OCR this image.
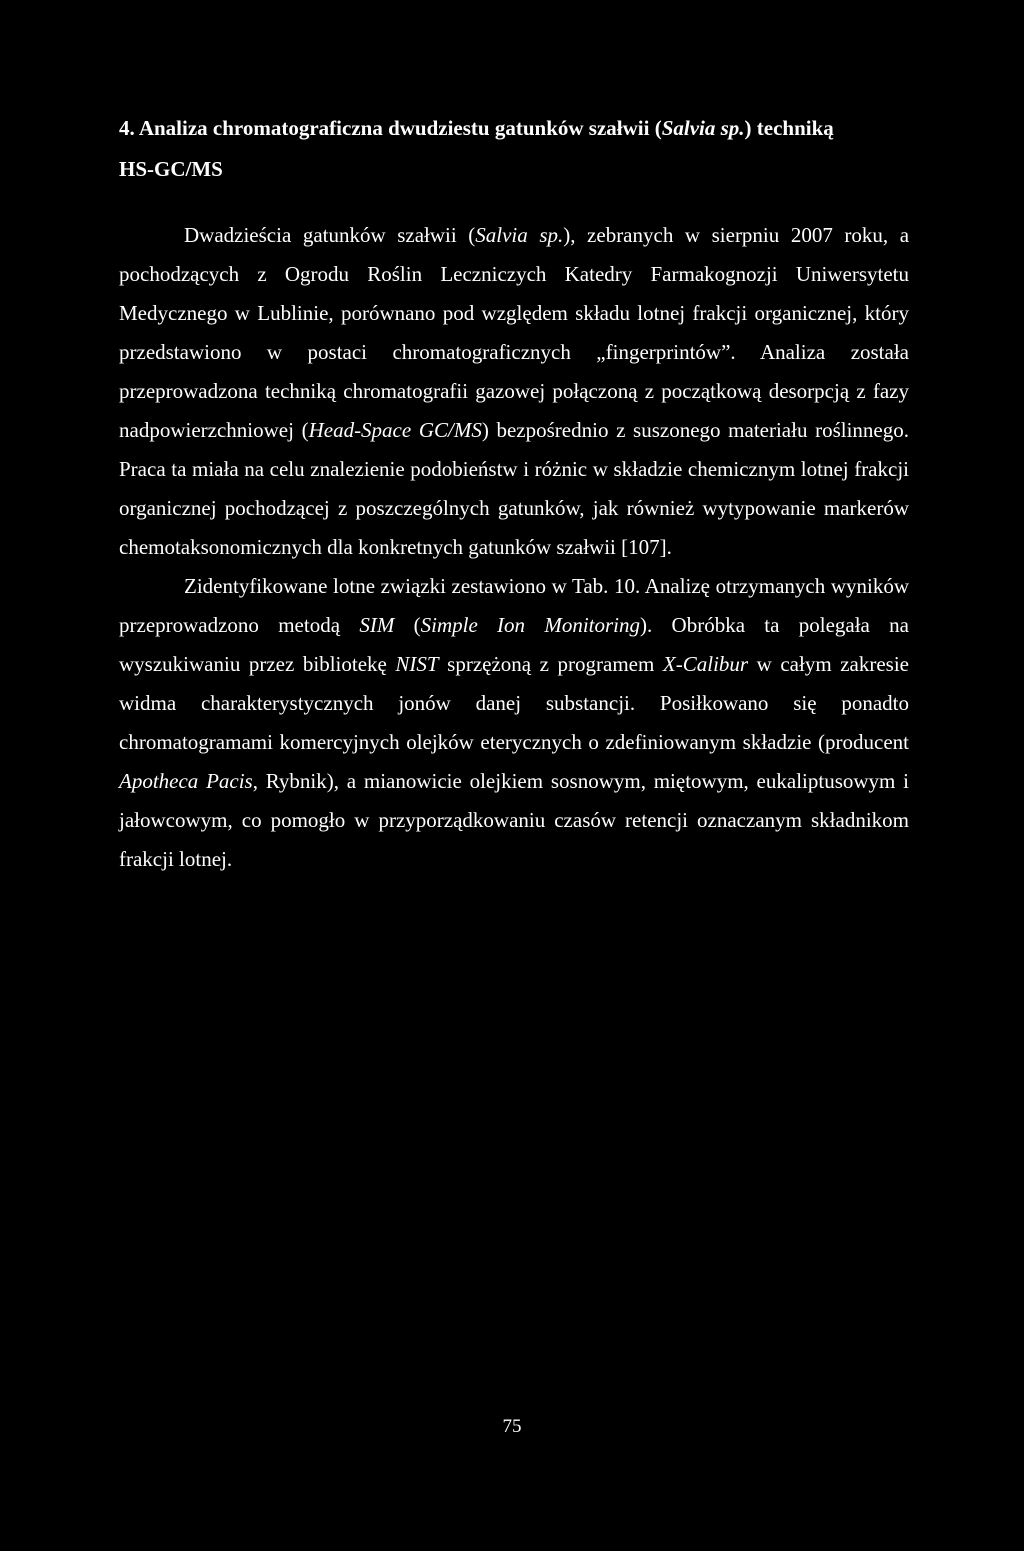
4. Analiza chromatograficzna dwudziestu gatunków szałwii (Salvia sp.) techniką
HS-GC/MS

Dwadzieścia gatunków szałwii (Salvia sp.), zebranych w sierpniu 2007 roku, a pochodzących z Ogrodu Roślin Leczniczych Katedry Farmakognozji Uniwersytetu Medycznego w Lublinie, porównano pod względem składu lotnej frakcji organicznej, który przedstawiono w postaci chromatograficznych „fingerprintów”. Analiza została przeprowadzona techniką chromatografii gazowej połączoną z początkową desorpcją z fazy nadpowierzchniowej (Head-Space GC/MS) bezpośrednio z suszonego materiału roślinnego. Praca ta miała na celu znalezienie podobieństw i różnic w składzie chemicznym lotnej frakcji organicznej pochodzącej z poszczególnych gatunków, jak również wytypowanie markerów chemotaksonomicznych dla konkretnych gatunków szałwii [107].

Zidentyfikowane lotne związki zestawiono w Tab. 10. Analizę otrzymanych wyników przeprowadzono metodą SIM (Simple Ion Monitoring). Obróbka ta polegała na wyszukiwaniu przez bibliotekę NIST sprzężoną z programem X-Calibur w całym zakresie widma charakterystycznych jonów danej substancji. Posiłkowano się ponadto chromatogramami komercyjnych olejków eterycznych o zdefiniowanym składzie (producent Apotheca Pacis, Rybnik), a mianowicie olejkiem sosnowym, miętowym, eukaliptusowym i jałowcowym, co pomogło w przyporządkowaniu czasów retencji oznaczanym składnikom frakcji lotnej.

75
